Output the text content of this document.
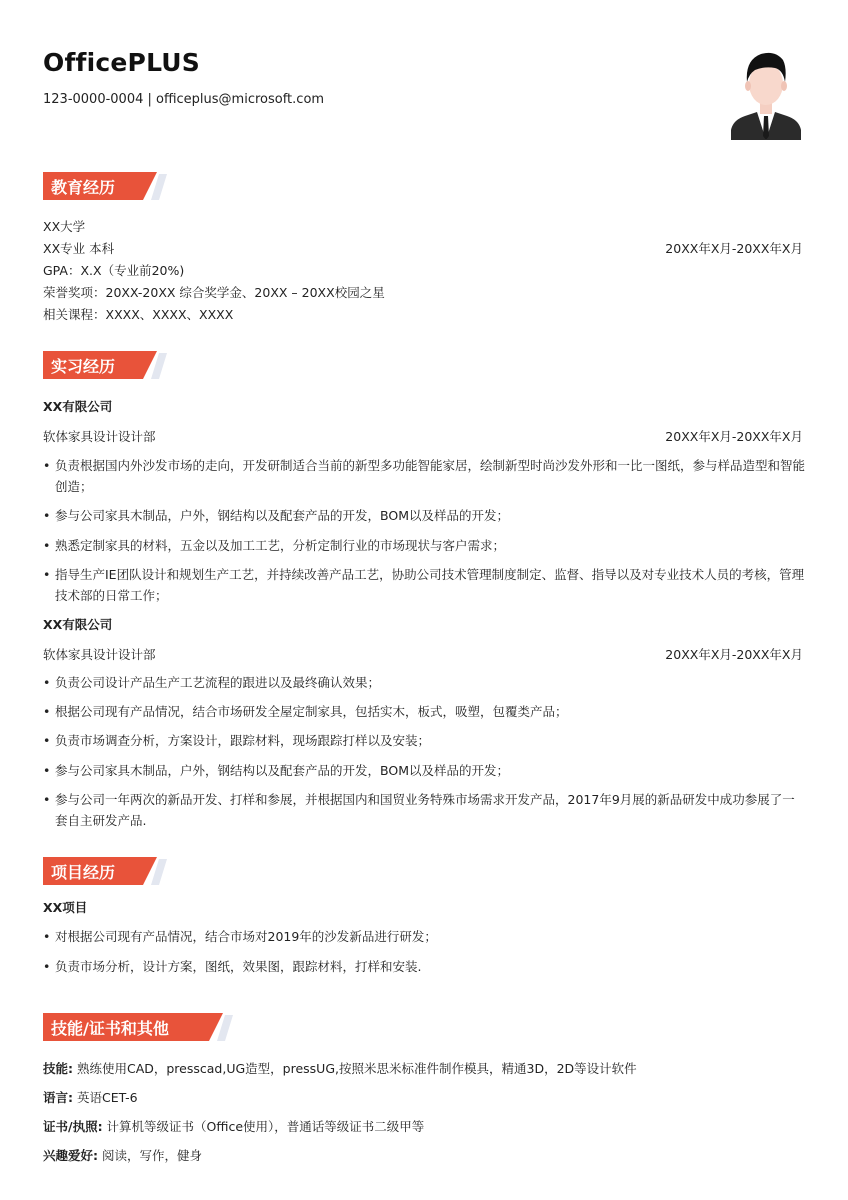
OfficePLUS
123-0000-0004 | officeplus@microsoft.com
教育经历
XX大学
XX专业 本科	20XX年X月-20XX年X月
GPA：X.X（专业前20%)
荣誉奖项：20XX-20XX 综合奖学金、20XX – 20XX校园之星
相关课程：XXXX、XXXX、XXXX
实习经历
XX有限公司
软体家具设计设计部	20XX年X月-20XX年X月
• 负责根据国内外沙发市场的走向，开发研制适合当前的新型多功能智能家居，绘制新型时尚沙发外形和一比一图纸，参与样品造型和智能创造；
• 参与公司家具木制品，户外，钢结构以及配套产品的开发，BOM以及样品的开发；
• 熟悉定制家具的材料，五金以及加工工艺，分析定制行业的市场现状与客户需求；
• 指导生产IE团队设计和规划生产工艺，并持续改善产品工艺，协助公司技术管理制度制定、监督、指导以及对专业技术人员的考核，管理技术部的日常工作；
XX有限公司
软体家具设计设计部	20XX年X月-20XX年X月
• 负责公司设计产品生产工艺流程的跟进以及最终确认效果；
• 根据公司现有产品情况，结合市场研发全屋定制家具，包括实木，板式，吸塑，包覆类产品；
• 负责市场调查分析，方案设计，跟踪材料，现场跟踪打样以及安装；
• 参与公司家具木制品，户外，钢结构以及配套产品的开发，BOM以及样品的开发；
• 参与公司一年两次的新品开发、打样和参展，并根据国内和国贸业务特殊市场需求开发产品，2017年9月展的新品研发中成功参展了一套自主研发产品.
项目经历
XX项目
• 对根据公司现有产品情况，结合市场对2019年的沙发新品进行研发；
• 负责市场分析，设计方案，图纸，效果图，跟踪材料，打样和安装.
技能/证书和其他
技能: 熟练使用CAD，presscad,UG造型，pressUG,按照米思米标准件制作模具，精通3D，2D等设计软件
语言: 英语CET-6
证书/执照: 计算机等级证书（Office使用），普通话等级证书二级甲等
兴趣爱好: 阅读，写作，健身
